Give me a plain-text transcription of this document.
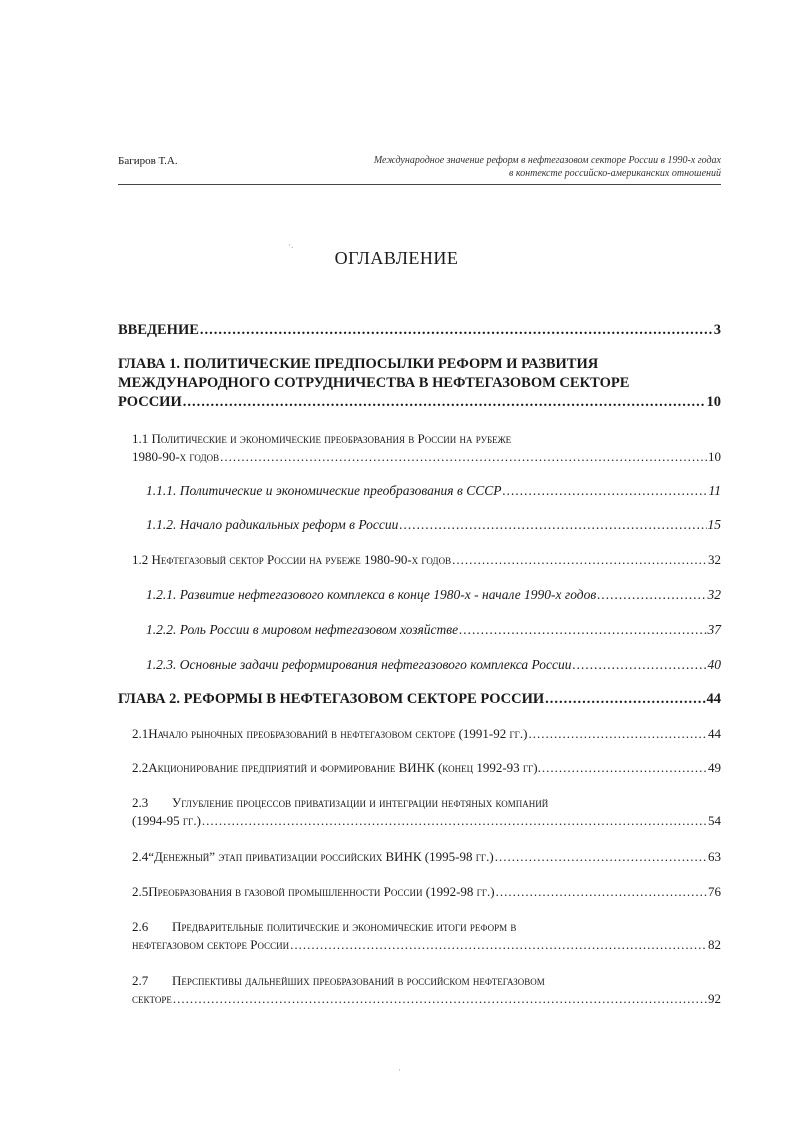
Багиров Т.А.	Международное значение реформ в нефтегазовом секторе России в 1990-х годах
в контексте российско-американских отношений
ОГЛАВЛЕНИЕ
ВВЕДЕНИЕ .....	3
ГЛАВА 1. ПОЛИТИЧЕСКИЕ ПРЕДПОСЫЛКИ РЕФОРМ И РАЗВИТИЯ
МЕЖДУНАРОДНОГО СОТРУДНИЧЕСТВА В НЕФТЕГАЗОВОМ СЕКТОРЕ
РОССИИ .....	10
1.1 Политические и экономические преобразования в России на рубеже
1980-90-х годов .....	10
1.1.1. Политические и экономические преобразования в СССР .....	11
1.1.2. Начало радикальных реформ в России .....	15
1.2 Нефтегазовый сектор России на рубеже 1980-90-х годов .....	32
1.2.1. Развитие нефтегазового комплекса в конце 1980-х - начале 1990-х годов .....	32
1.2.2. Роль России в мировом нефтегазовом хозяйстве .....	37
1.2.3. Основные задачи реформирования нефтегазового комплекса России .....	40
ГЛАВА 2. РЕФОРМЫ В НЕФТЕГАЗОВОМ СЕКТОРЕ РОССИИ .....	44
2.1 Начало рыночных преобразований в нефтегазовом секторе (1991-92 гг.) .....	44
2.2 Акционирование предприятий и формирование ВИНК (конец 1992-93 гг). .....	49
2.3 Углубление процессов приватизации и интеграции нефтяных компаний
(1994-95 гг.) .....	54
2.4 “Денежный” этап приватизации российских ВИНК (1995-98 гг.) .....	63
2.5 Преобразования в газовой промышленности России (1992-98 гг.) .....	76
2.6 Предварительные политические и экономические итоги реформ в
нефтегазовом секторе России .....	82
2.7 Перспективы дальнейших преобразований в российском нефтегазовом
секторе .....	92
·.
·
